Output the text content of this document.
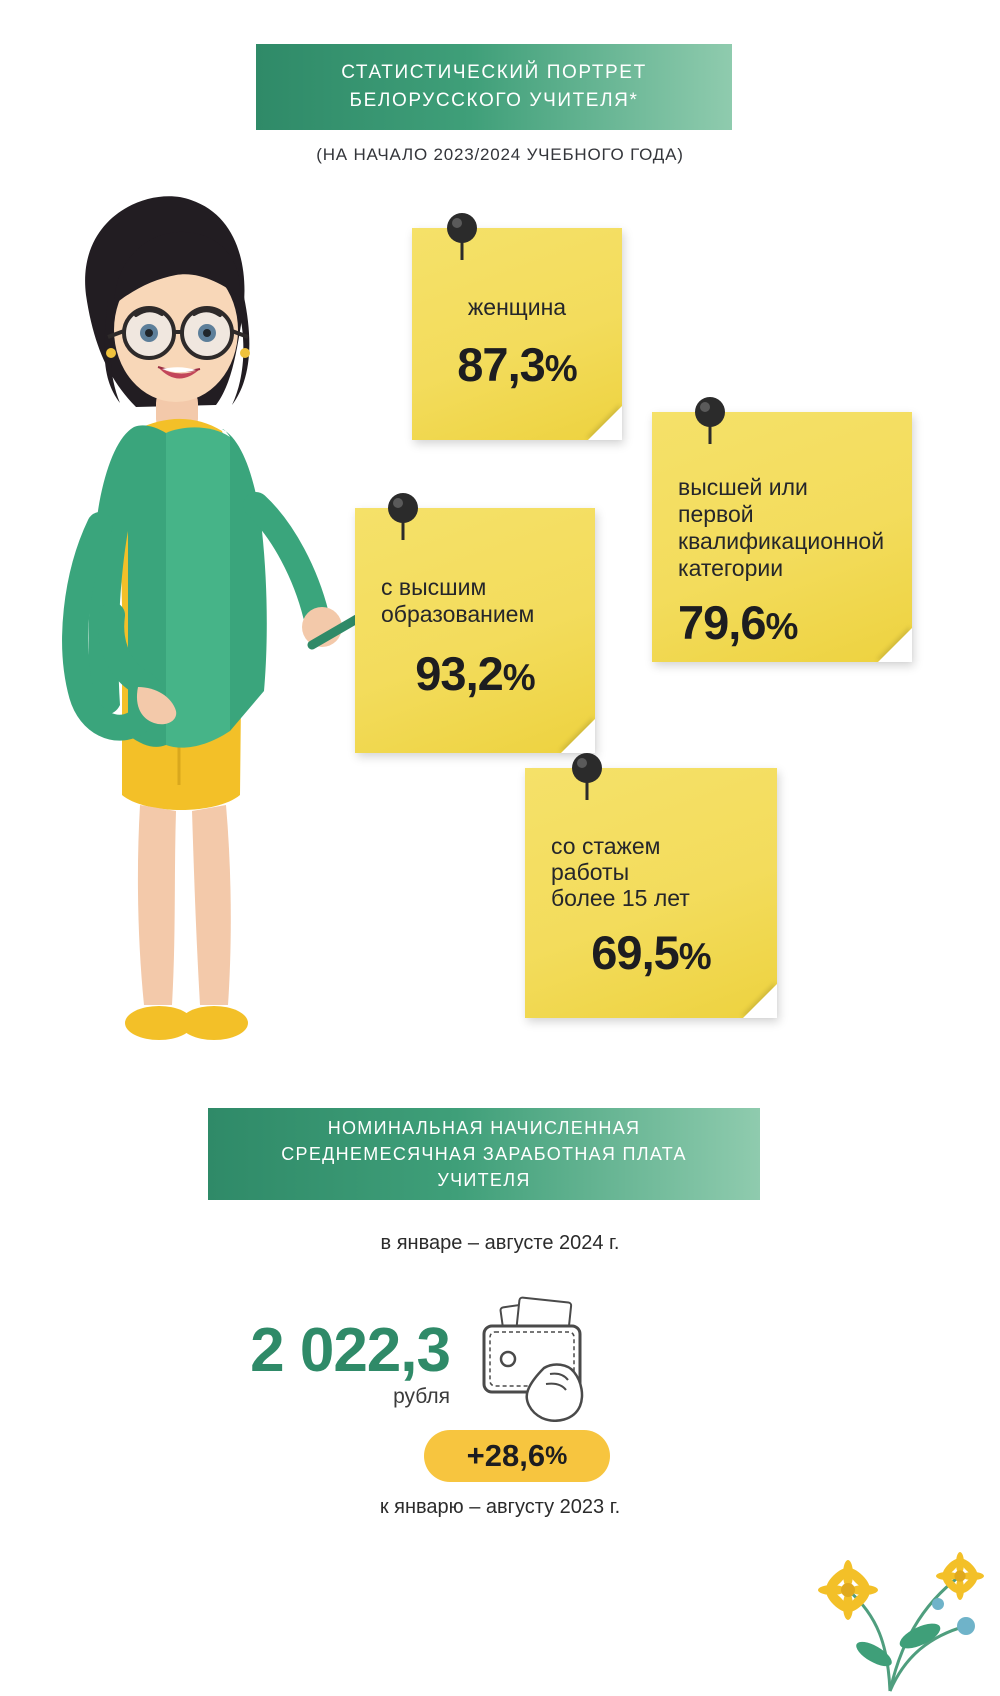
СТАТИСТИЧЕСКИЙ ПОРТРЕТ
БЕЛОРУССКОГО УЧИТЕЛЯ*
(НА НАЧАЛО 2023/2024 УЧЕБНОГО ГОДА)
женщина
87,3%
высшей или
первой
квалификационной
категории
79,6%
с высшим
образованием
93,2%
со стажем
работы
более 15 лет
69,5%
НОМИНАЛЬНАЯ НАЧИСЛЕННАЯ
СРЕДНЕМЕСЯЧНАЯ ЗАРАБОТНАЯ ПЛАТА
УЧИТЕЛЯ
в январе – августе 2024 г.
2 022,3
рубля
+28,6 %
к январю – августу 2023 г.
